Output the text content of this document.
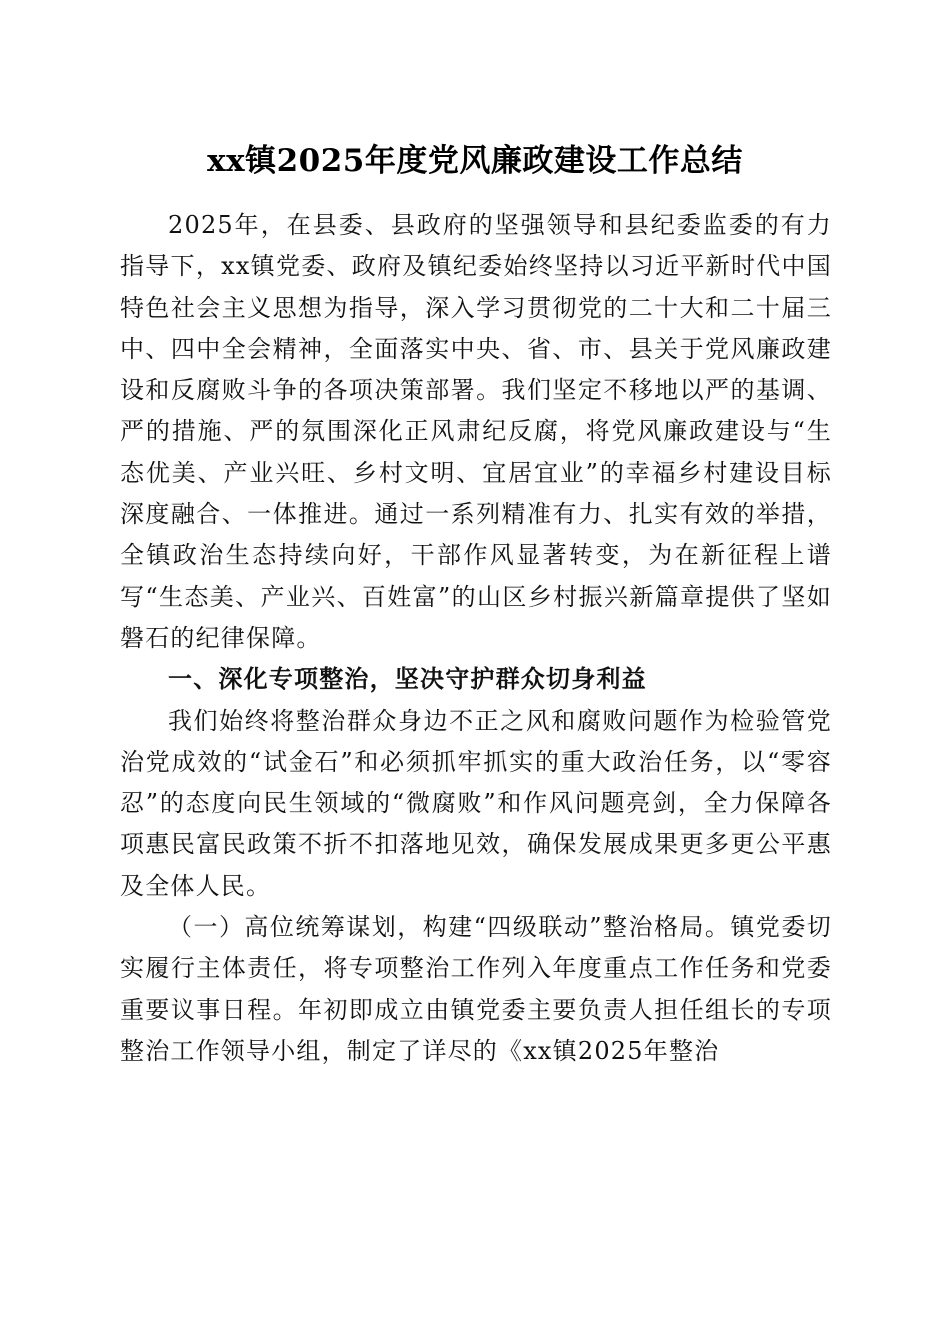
xx镇2025年度党风廉政建设工作总结

2025年，在县委、县政府的坚强领导和县纪委监委的有力指导下，xx镇党委、政府及镇纪委始终坚持以习近平新时代中国特色社会主义思想为指导，深入学习贯彻党的二十大和二十届三中、四中全会精神，全面落实中央、省、市、县关于党风廉政建设和反腐败斗争的各项决策部署。我们坚定不移地以严的基调、严的措施、严的氛围深化正风肃纪反腐，将党风廉政建设与“生态优美、产业兴旺、乡村文明、宜居宜业”的幸福乡村建设目标深度融合、一体推进。通过一系列精准有力、扎实有效的举措，全镇政治生态持续向好，干部作风显著转变，为在新征程上谱写“生态美、产业兴、百姓富”的山区乡村振兴新篇章提供了坚如磐石的纪律保障。

一、深化专项整治，坚决守护群众切身利益

我们始终将整治群众身边不正之风和腐败问题作为检验管党治党成效的“试金石”和必须抓牢抓实的重大政治任务，以“零容忍”的态度向民生领域的“微腐败”和作风问题亮剑，全力保障各项惠民富民政策不折不扣落地见效，确保发展成果更多更公平惠及全体人民。

（一）高位统筹谋划，构建“四级联动”整治格局。镇党委切实履行主体责任，将专项整治工作列入年度重点工作任务和党委重要议事日程。年初即成立由镇党委主要负责人担任组长的专项整治工作领导小组，制定了详尽的《xx镇2025年整治
